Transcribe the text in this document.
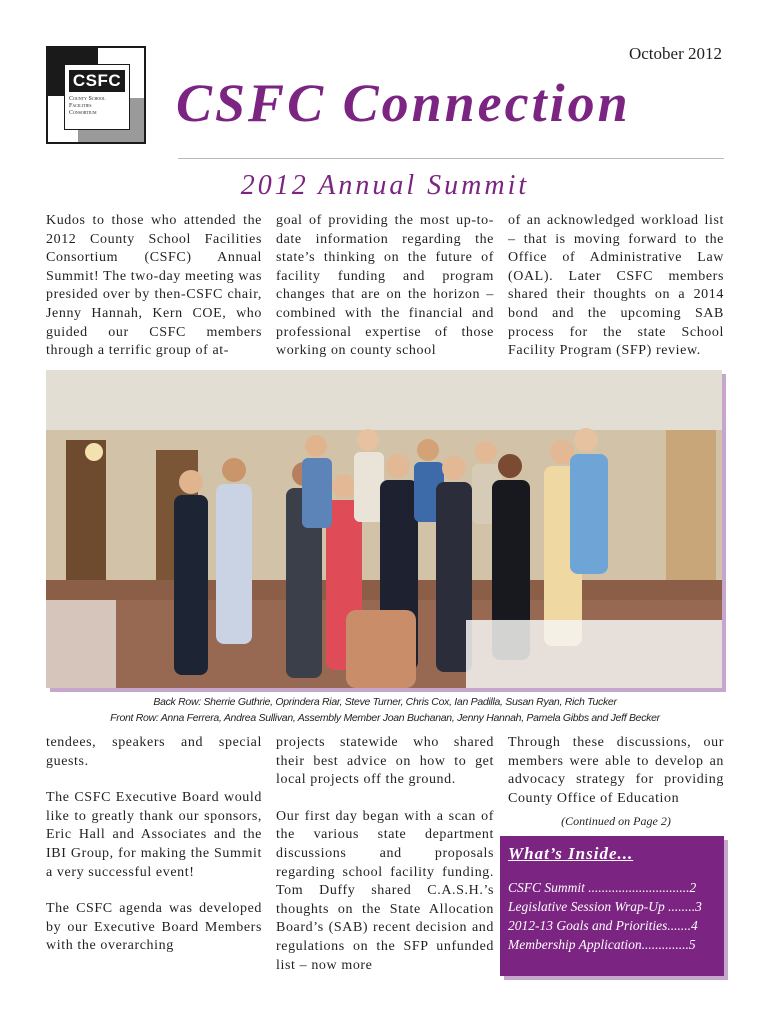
CSFC
County School
Facilities
Consortium
October 2012
CSFC Connection
2012 Annual Summit

Kudos to those who attended the 2012 County School Facilities Consortium (CSFC) Annual Summit! The two-day meeting was presided over by then-CSFC chair, Jenny Hannah, Kern COE, who guided our CSFC members through a terrific group of at-

goal of providing the most up-to-date information regarding the state’s thinking on the future of facility funding and program changes that are on the horizon – combined with the financial and professional expertise of those working on county school

of an acknowledged workload list – that is moving forward to the Office of Administrative Law (OAL). Later CSFC members shared their thoughts on a 2014 bond and the upcoming SAB process for the state School Facility Program (SFP) review.

Back Row: Sherrie Guthrie, Oprindera Riar, Steve Turner, Chris Cox, Ian Padilla, Susan Ryan, Rich Tucker
Front Row: Anna Ferrera, Andrea Sullivan, Assembly Member Joan Buchanan, Jenny Hannah, Pamela Gibbs and Jeff Becker

tendees, speakers and special guests.

The CSFC Executive Board would like to greatly thank our sponsors, Eric Hall and Associates and the IBI Group, for making the Summit a very successful event!

The CSFC agenda was developed by our Executive Board Members with the overarching

projects statewide who shared their best advice on how to get local projects off the ground.

Our first day began with a scan of the various state department discussions and proposals regarding school facility funding. Tom Duffy shared C.A.S.H.’s thoughts on the State Allocation Board’s (SAB) recent decision and regulations on the SFP unfunded list – now more

Through these discussions, our members were able to develop an advocacy strategy for providing County Office of Education

(Continued on Page 2)
What’s Inside...
CSFC Summit ..............................2
Legislative Session Wrap-Up ........3
2012-13 Goals and Priorities.......4
Membership Application..............5
